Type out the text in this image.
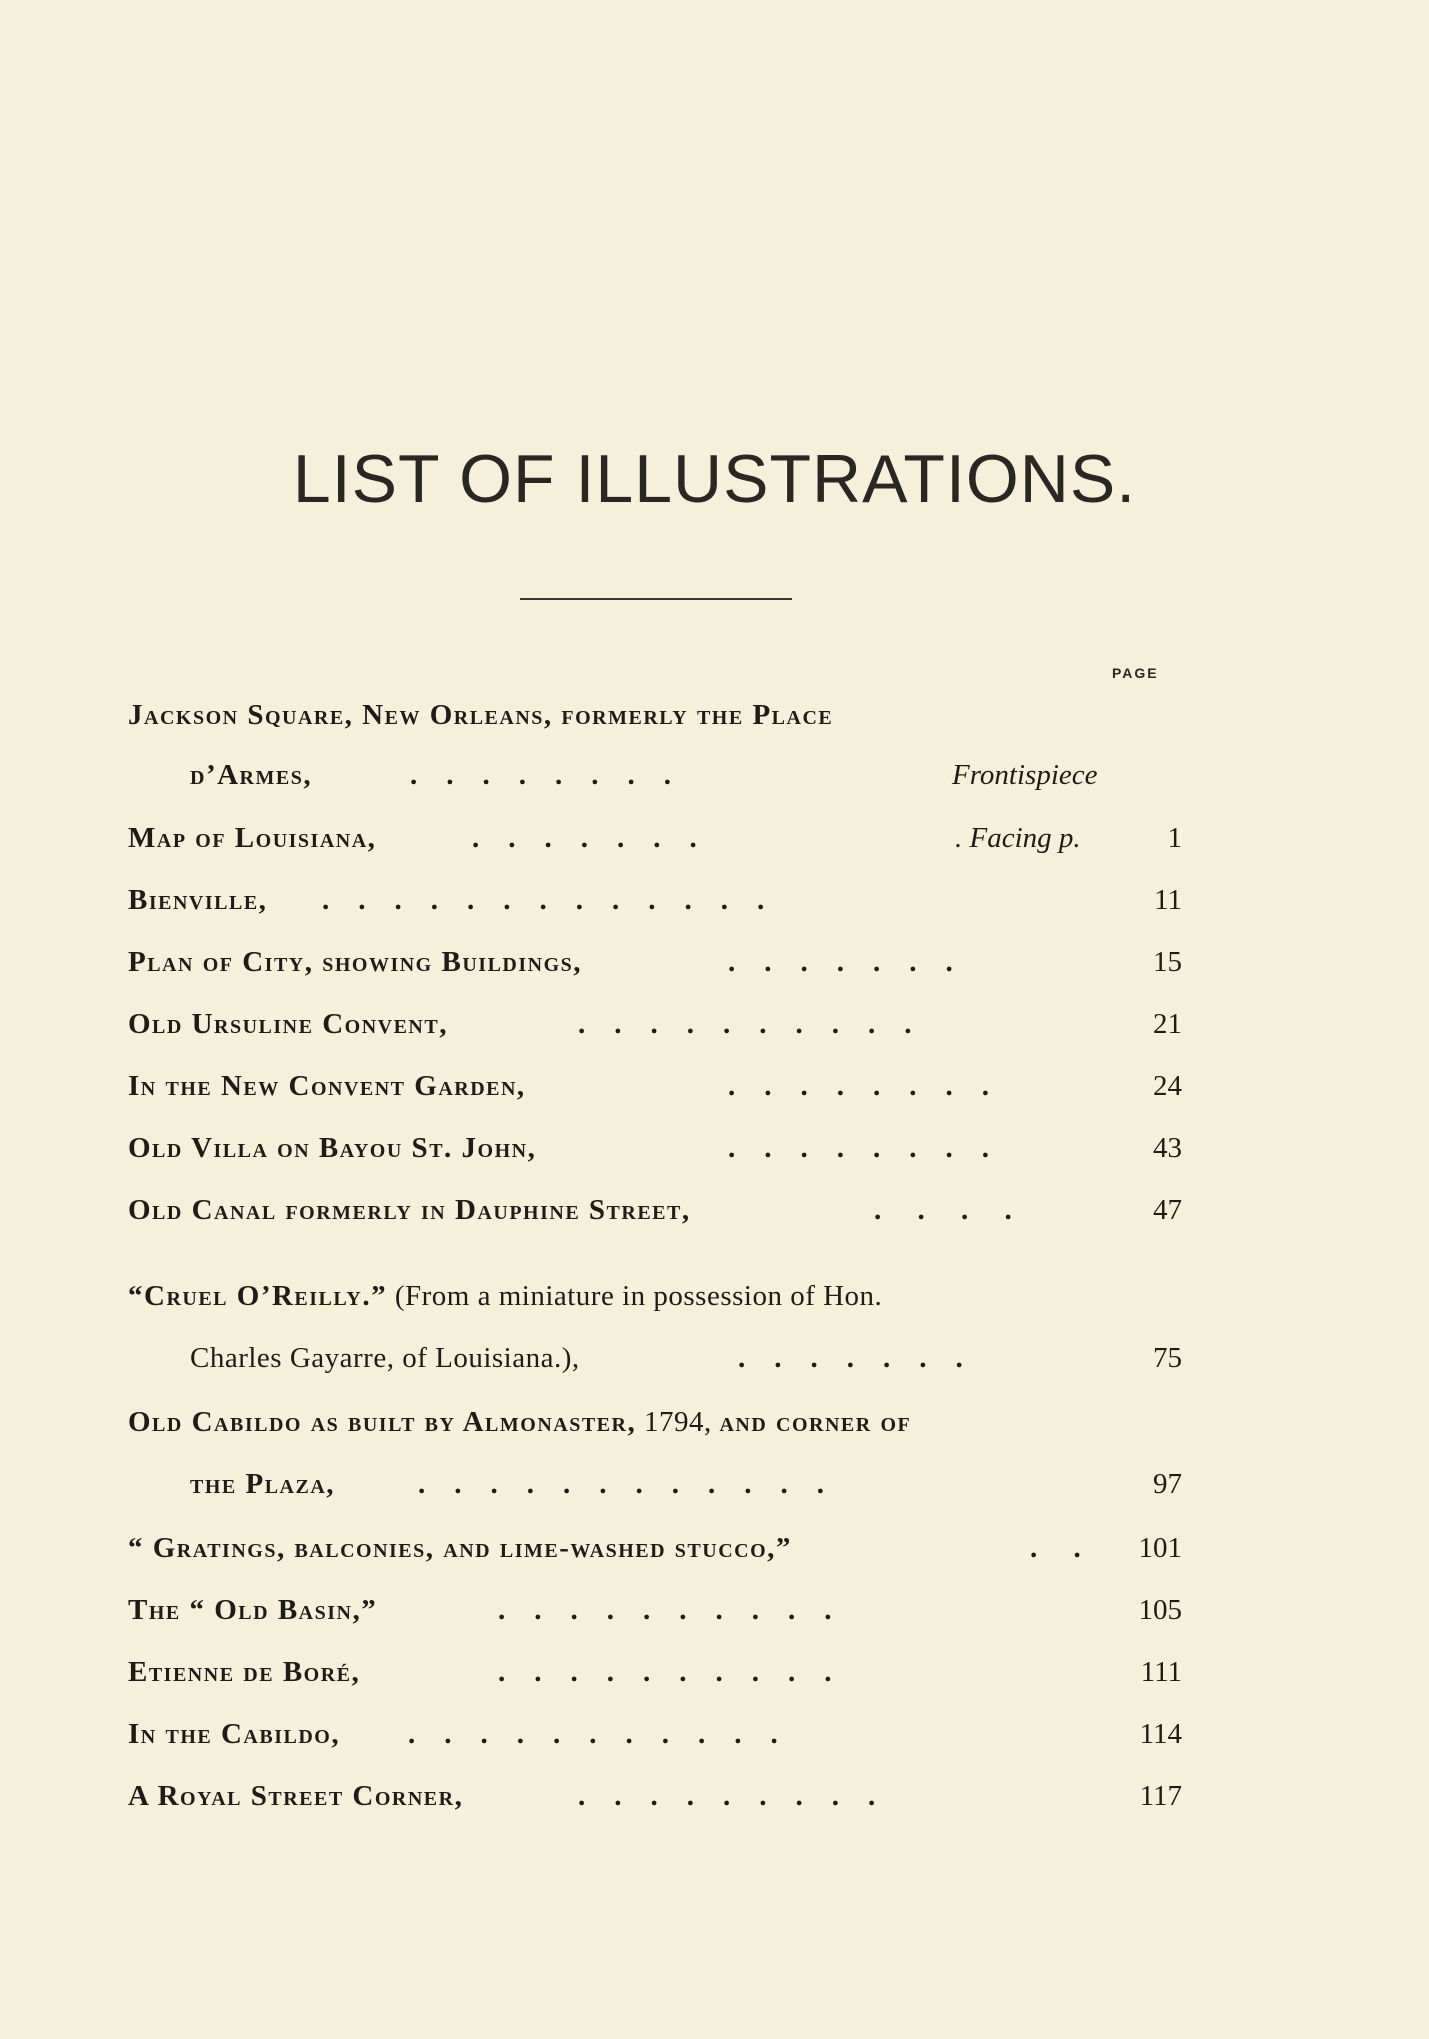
LIST OF ILLUSTRATIONS.
PAGE
Jackson Square, New Orleans, formerly the Place
d’Armes,	.    .    .    .    .    .    .    .	Frontispiece
Map of Louisiana,	.    .    .    .    .    .    .	. Facing p.	1
Bienville, .    .    .    .    .    .    .    .    .    .    .    .    .	11
Plan of City, showing Buildings,	.    .    .    .    .    .    .	15
Old Ursuline Convent,	.    .    .    .    .    .    .    .    .    .	21
In the New Convent Garden,	.    .    .    .    .    .    .    .	24
Old Villa on Bayou St. John,	.    .    .    .    .    .    .    .	43
Old Canal formerly in Dauphine Street,	.     .     .     .	47
“Cruel O’Reilly.” (From a miniature in possession of Hon.
Charles Gayarre, of Louisiana.),	.    .    .    .    .    .    .	75
Old Cabildo as built by Almonaster, 1794, and corner of
the Plaza,	.    .    .    .    .    .    .    .    .    .    .    .	97
“ Gratings, balconies, and lime-washed stucco,”	.     .	101
The “ Old Basin,”	.    .    .    .    .    .    .    .    .    .	105
Etienne de Boré,	.    .    .    .    .    .    .    .    .    .	111
In the Cabildo, .    .    .    .    .    .    .    .    .    .    .	114
A Royal Street Corner,	.    .    .    .    .    .    .    .    .	117
